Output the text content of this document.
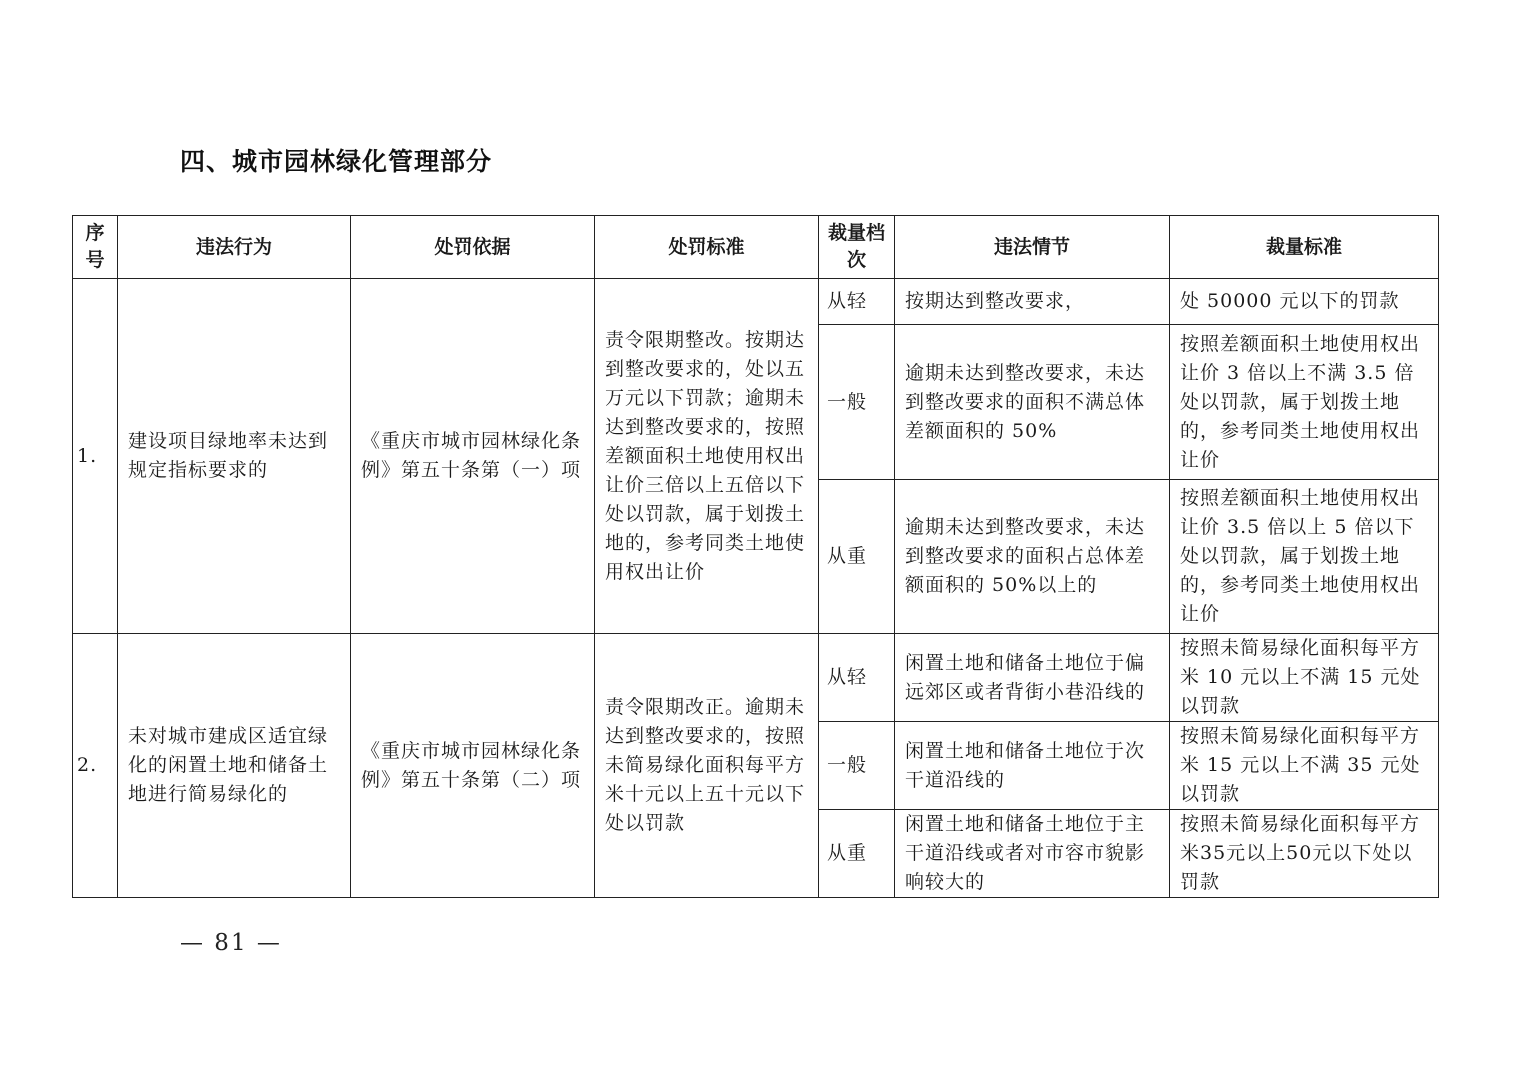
四、城市园林绿化管理部分
序号	违法行为	处罚依据	处罚标准	裁量档次	违法情节	裁量标准
1.	建设项目绿地率未达到规定指标要求的	《重庆市城市园林绿化条例》第五十条第（一）项	责令限期整改。按期达到整改要求的，处以五万元以下罚款；逾期未达到整改要求的，按照差额面积土地使用权出让价三倍以上五倍以下处以罚款，属于划拨土地的，参考同类土地使用权出让价	从轻	按期达到整改要求，	处 50000 元以下的罚款
				一般	逾期未达到整改要求，未达到整改要求的面积不满总体差额面积的 50%	按照差额面积土地使用权出让价 3 倍以上不满 3.5 倍处以罚款，属于划拨土地的，参考同类土地使用权出让价
				从重	逾期未达到整改要求，未达到整改要求的面积占总体差额面积的 50%以上的	按照差额面积土地使用权出让价 3.5 倍以上 5 倍以下处以罚款，属于划拨土地的，参考同类土地使用权出让价
2.	未对城市建成区适宜绿化的闲置土地和储备土地进行简易绿化的	《重庆市城市园林绿化条例》第五十条第（二）项	责令限期改正。逾期未达到整改要求的，按照未简易绿化面积每平方米十元以上五十元以下处以罚款	从轻	闲置土地和储备土地位于偏远郊区或者背街小巷沿线的	按照未简易绿化面积每平方米 10 元以上不满 15 元处以罚款
				一般	闲置土地和储备土地位于次干道沿线的	按照未简易绿化面积每平方米 15 元以上不满 35 元处以罚款
				从重	闲置土地和储备土地位于主干道沿线或者对市容市貌影响较大的	按照未简易绿化面积每平方米35元以上50元以下处以罚款
— 81 —
